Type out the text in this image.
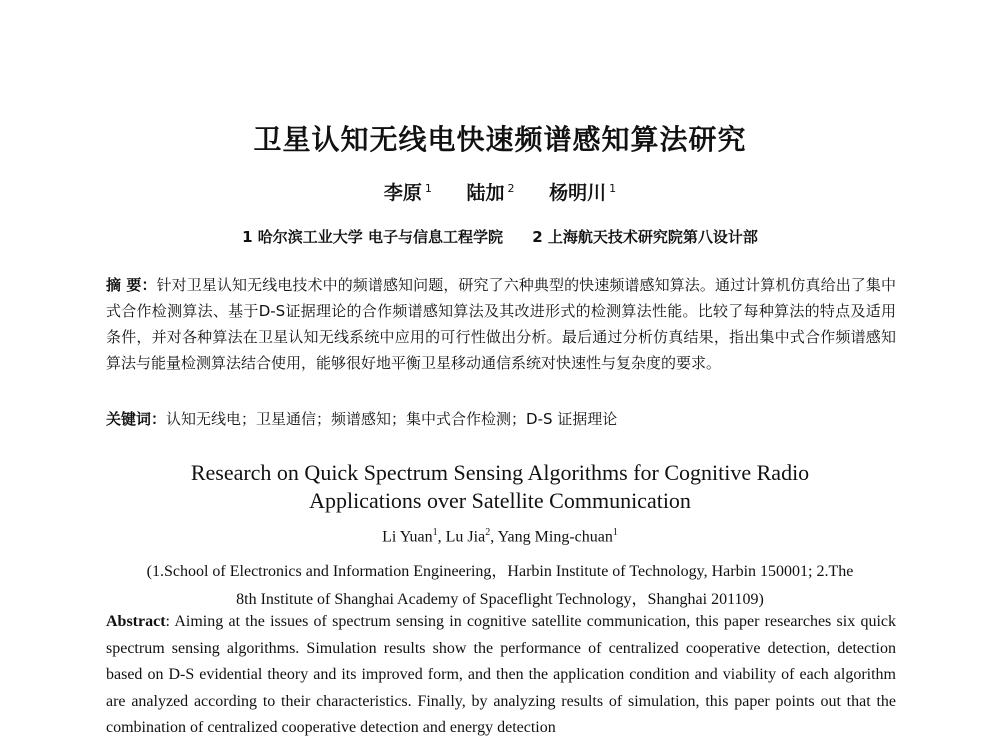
卫星认知无线电快速频谱感知算法研究
李原 $^1$ 陆加 $^2$ 杨明川 $^1$
1 哈尔滨工业大学 电子与信息工程学院 2 上海航天技术研究院第八设计部
摘 要：针对卫星认知无线电技术中的频谱感知问题，研究了六种典型的快速频谱感知算法。通过计算机仿真给出了集中式合作检测算法、基于D-S证据理论的合作频谱感知算法及其改进形式的检测算法性能。比较了每种算法的特点及适用条件，并对各种算法在卫星认知无线系统中应用的可行性做出分析。最后通过分析仿真结果，指出集中式合作频谱感知算法与能量检测算法结合使用，能够很好地平衡卫星移动通信系统对快速性与复杂度的要求。
关键词：认知无线电；卫星通信；频谱感知；集中式合作检测；D-S 证据理论
Research on Quick Spectrum Sensing Algorithms for Cognitive Radio
Applications over Satellite Communication
Li Yuan$^1$, Lu Jia$^2$, Yang Ming-chuan$^1$
(1.School of Electronics and Information Engineering，Harbin Institute of Technology, Harbin 150001; 2.The
8th Institute of Shanghai Academy of Spaceflight Technology，Shanghai 201109)
Abstract: Aiming at the issues of spectrum sensing in cognitive satellite communication, this paper researches six quick spectrum sensing algorithms. Simulation results show the performance of centralized cooperative detection, detection based on D-S evidential theory and its improved form, and then the application condition and viability of each algorithm are analyzed according to their characteristics. Finally, by analyzing results of simulation, this paper points out that the combination of centralized cooperative detection and energy detection
